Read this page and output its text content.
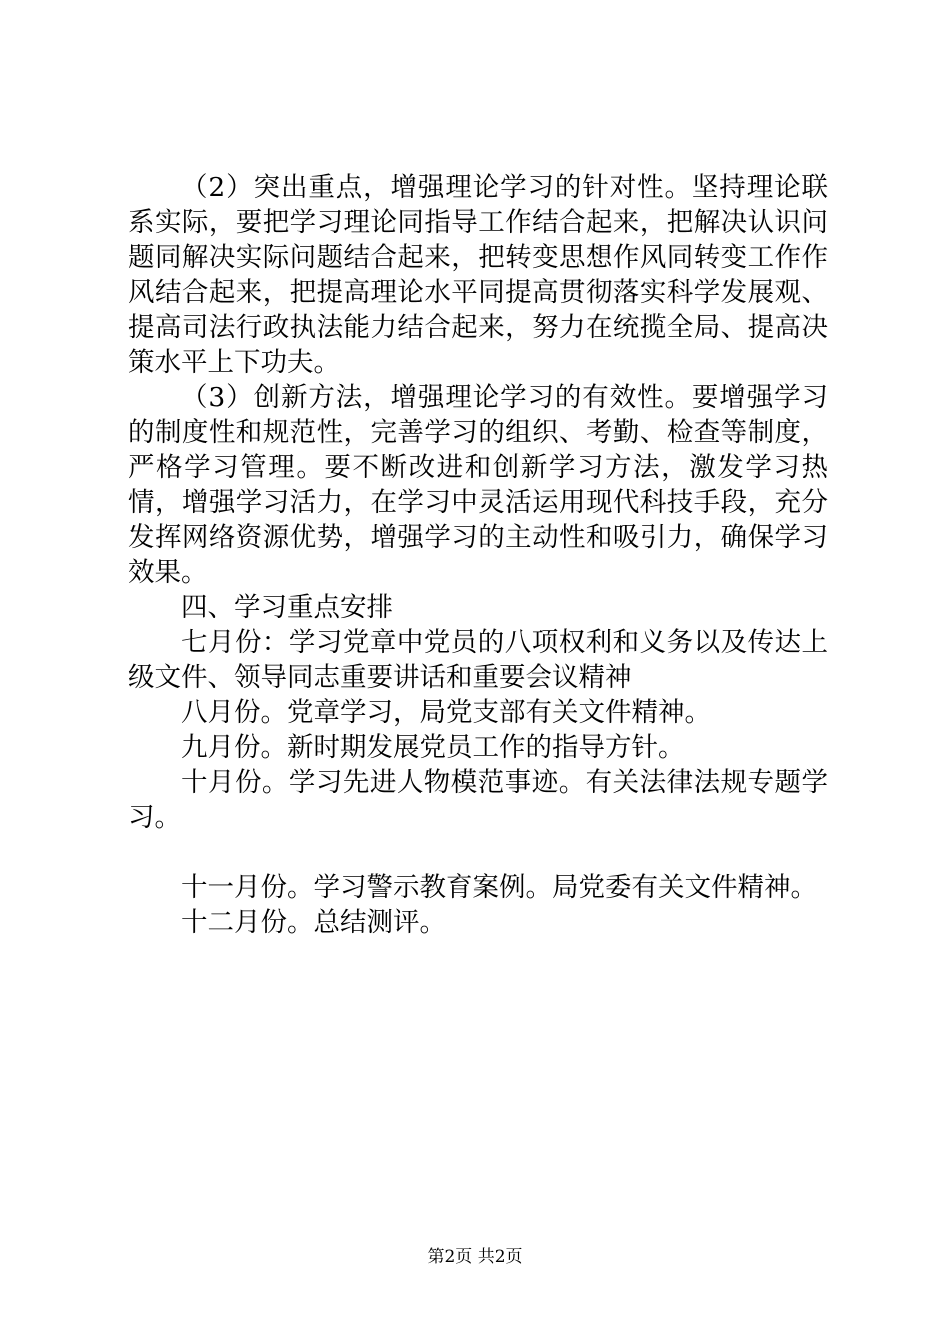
（2）突出重点，增强理论学习的针对性。坚持理论联系实际，要把学习理论同指导工作结合起来，把解决认识问题同解决实际问题结合起来，把转变思想作风同转变工作作风结合起来，把提高理论水平同提高贯彻落实科学发展观、提高司法行政执法能力结合起来，努力在统揽全局、提高决策水平上下功夫。

（3）创新方法，增强理论学习的有效性。要增强学习的制度性和规范性，完善学习的组织、考勤、检查等制度，严格学习管理。要不断改进和创新学习方法，激发学习热情，增强学习活力，在学习中灵活运用现代科技手段，充分发挥网络资源优势，增强学习的主动性和吸引力，确保学习效果。

四、学习重点安排

七月份：学习党章中党员的八项权利和义务以及传达上级文件、领导同志重要讲话和重要会议精神

八月份。党章学习，局党支部有关文件精神。

九月份。新时期发展党员工作的指导方针。

十月份。学习先进人物模范事迹。有关法律法规专题学习。

十一月份。学习警示教育案例。局党委有关文件精神。

十二月份。总结测评。

第2页 共2页
